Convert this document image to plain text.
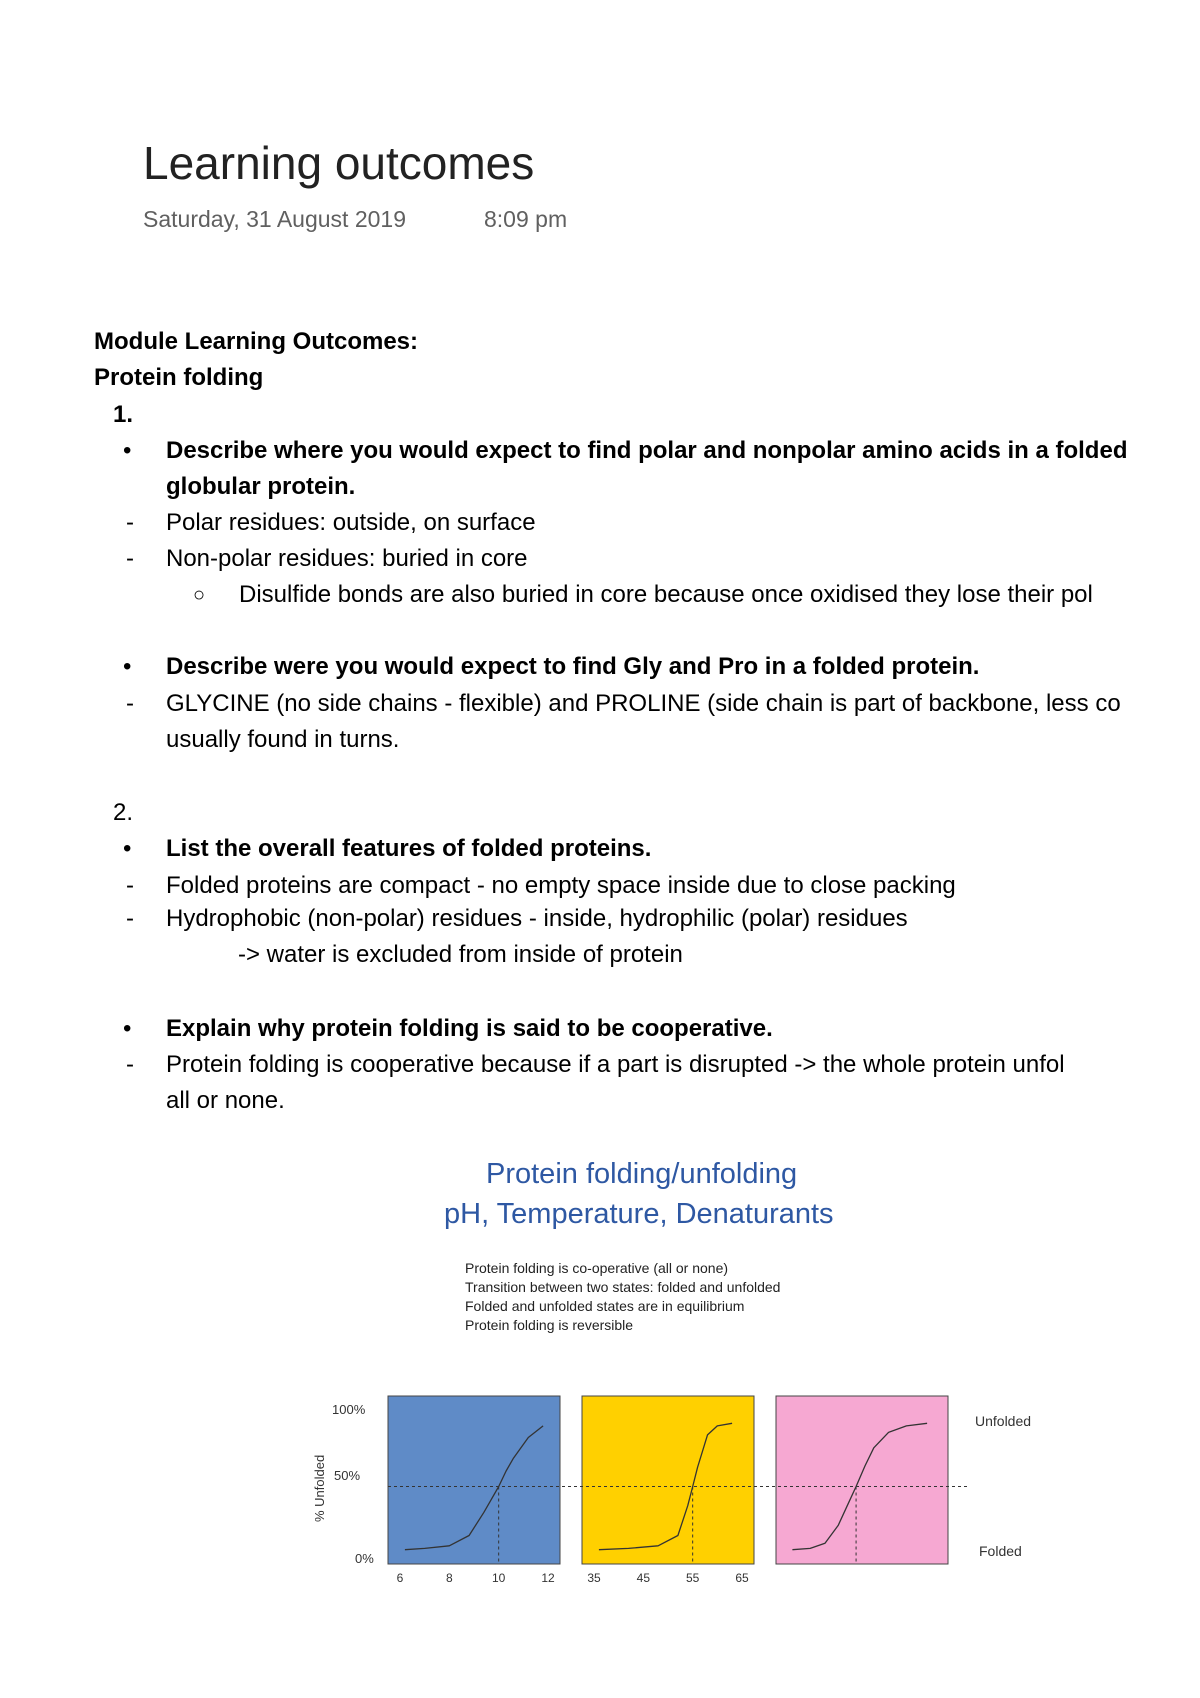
Learning outcomes
Saturday, 31 August 2019	8:09 pm
Module Learning Outcomes:
Protein folding
1.
• Describe where you would expect to find polar and nonpolar amino acids in a folded
globular protein.
- Polar residues: outside, on surface
- Non-polar residues: buried in core
○ Disulfide bonds are also buried in core because once oxidised they lose their pol
• Describe were you would expect to find Gly and Pro in a folded protein.
- GLYCINE (no side chains - flexible) and PROLINE (side chain is part of backbone, less co
usually found in turns.
2.
• List the overall features of folded proteins.
- Folded proteins are compact - no empty space inside due to close packing
- Hydrophobic (non-polar) residues - inside, hydrophilic (polar) residues
-> water is excluded from inside of protein
• Explain why protein folding is said to be cooperative.
- Protein folding is cooperative because if a part is disrupted -> the whole protein unfol
all or none.
Protein folding/unfolding
pH, Temperature, Denaturants
Protein folding is co-operative (all or none)
Transition between two states: folded and unfolded
Folded and unfolded states are in equilibrium
Protein folding is reversible
100%
50%
0%
% Unfolded
Unfolded
Folded
6	8	10	12	35	45	55	65
